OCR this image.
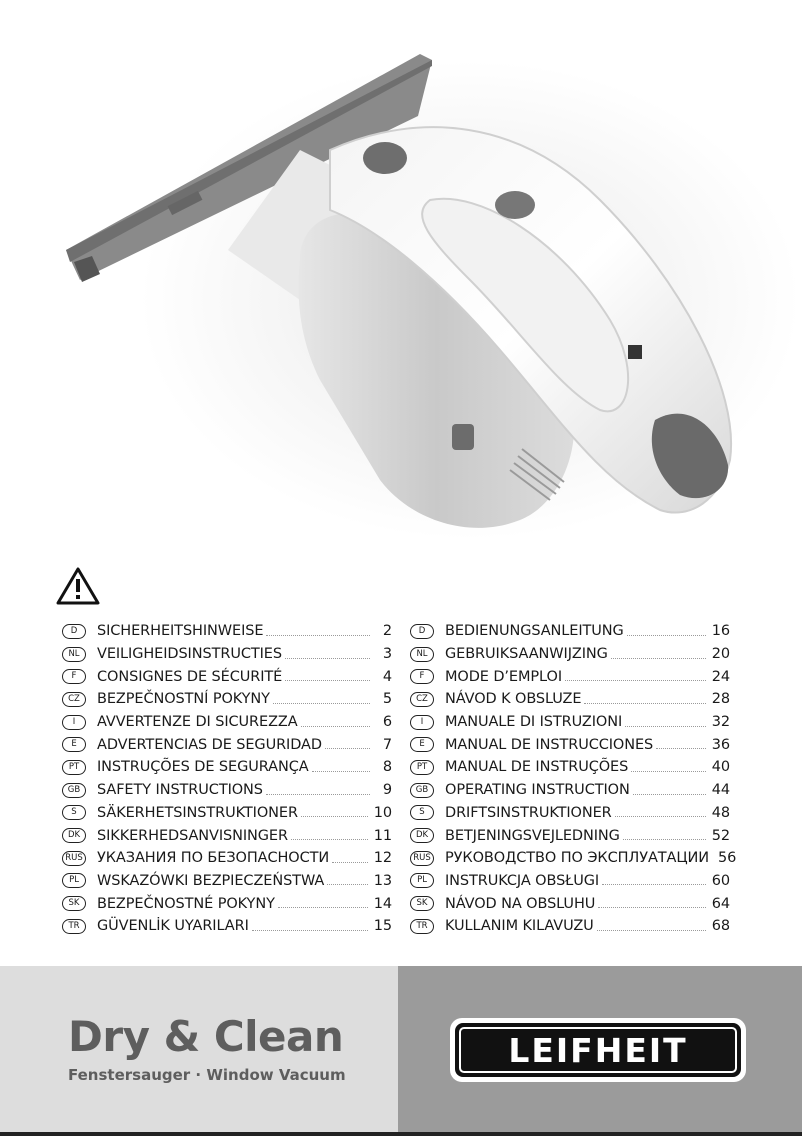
D	SICHERHEITSHINWEISE	2
NL	VEILIGHEIDSINSTRUCTIES	3
F	CONSIGNES DE SÉCURITÉ	4
CZ	BEZPEČNOSTNÍ POKYNY	5
I	AVVERTENZE DI SICUREZZA	6
E	ADVERTENCIAS DE SEGURIDAD	7
PT	INSTRUÇÕES DE SEGURANÇA	8
GB	SAFETY INSTRUCTIONS	9
S	SÄKERHETSINSTRUKTIONER	10
DK	SIKKERHEDSANVISNINGER	11
RUS УКАЗАНИЯ ПО БЕЗОПАСНОСТИ	12
PL	WSKAZÓWKI BEZPIECZEŃSTWA	13
SK	BEZPEČNOSTNÉ POKYNY	14
TR	GÜVENLİK UYARILARI	15
D	BEDIENUNGSANLEITUNG	16
NL	GEBRUIKSAANWIJZING	20
F	MODE D’EMPLOI	24
CZ	NÁVOD K OBSLUZE	28
I	MANUALE DI ISTRUZIONI	32
E	MANUAL DE INSTRUCCIONES	36
PT	MANUAL DE INSTRUÇÕES	40
GB	OPERATING INSTRUCTION	44
S	DRIFTSINSTRUKTIONER	48
DK	BETJENINGSVEJLEDNING	52
RUS РУКОВОДСТВО ПО ЭКСПЛУАТАЦИИ 56
PL	INSTRUKCJA OBSŁUGI	60
SK	NÁVOD NA OBSLUHU	64
TR	KULLANIM KILAVUZU	68
Dry & Clean
Fenstersauger · Window Vacuum
LEIFHEIT
